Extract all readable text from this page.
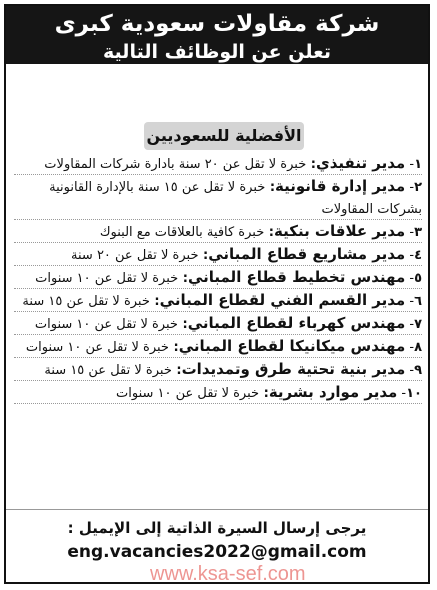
شركة مقاولات سعودية كبرى
تعلن عن الوظائف التالية
الأفضلية للسعوديين
١- مدير تنفيذي: خبرة لا تقل عن ٢٠ سنة بادارة شركات المقاولات
٢- مدير إدارة قانونية: خبرة لا تقل عن ١٥ سنة بالإدارة القانونية بشركات المقاولات
٣- مدير علاقات بنكية: خبرة كافية بالعلاقات مع البنوك
٤- مدير مشاريع قطاع المباني: خبرة لا تقل عن ٢٠ سنة
٥- مهندس تخطيط قطاع المباني: خبرة لا تقل عن ١٠ سنوات
٦- مدير القسم الفني لقطاع المباني: خبرة لا تقل عن ١٥ سنة
٧- مهندس كهرباء لقطاع المباني: خبرة لا تقل عن ١٠ سنوات
٨- مهندس ميكانيكا لقطاع المباني: خبرة لا تقل عن ١٠ سنوات
٩- مدير بنية تحتية طرق وتمديدات: خبرة لا تقل عن ١٥ سنة
١٠- مدير موارد بشرية: خبرة لا تقل عن ١٠ سنوات
يرجى إرسال السيرة الذاتية إلى الإيميل :
eng.vacancies2022@gmail.com
www.ksa-sef.com
